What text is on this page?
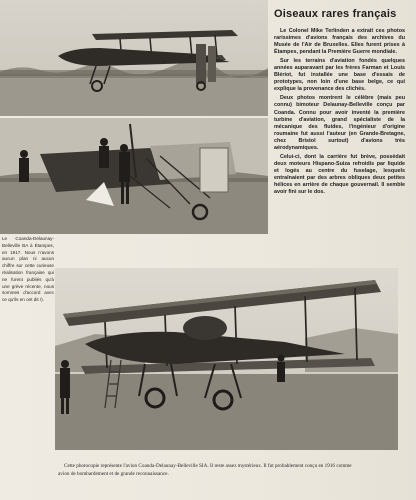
Oiseaux rares français

Le Colonel Mike Terlinden a extrait ces photos rarissimes d'avions français des archives du Musée de l'Air de Bruxelles. Elles furent prises à Étampes, pendant la Première Guerre mondiale.

Sur les terrains d'aviation fondés quelques années auparavant par les frères Farman et Louis Blériot, fut installée une base d'essais de prototypes, non loin d'une base belge, ce qui explique la provenance des clichés.

Deux photos montrent le célèbre (mais peu connu) bimoteur Delaunay-Belleville conçu par Coanda. Connu pour avoir inventé la première turbine d'aviation, grand spécialiste de la mécanique des fluides, l'ingénieur d'origine roumaine fut aussi l'auteur (en Grande-Bretagne, chez Bristol surtout) d'avions très aérodynamiques.

Celui-ci, dont la carrière fut brève, possédait deux moteurs Hispano-Suiza refroidis par liquide et logés au centre du fuselage, lesquels entraînaient par des arbres obliques deux petites hélices en arrière de chaque gouvernail. Il semble avoir fini sur le dos.

Le Coanda-Delaunay-Belleville BA à Étampes, en 1917. Nous n'avons aucun plan ni aucun chiffre sur cette curieuse réalisation française qui ne furent publiés qu'à une grève récente, nous sommes d'accord avec ce qu'ils en ont dit !).

Cette photocopie représente l'avion Coanda-Delaunay-Belleville SIA. Il reste assez mystérieux. Il fut probablement conçu en 1916 comme avion de bombardement et de grande reconnaissance.
